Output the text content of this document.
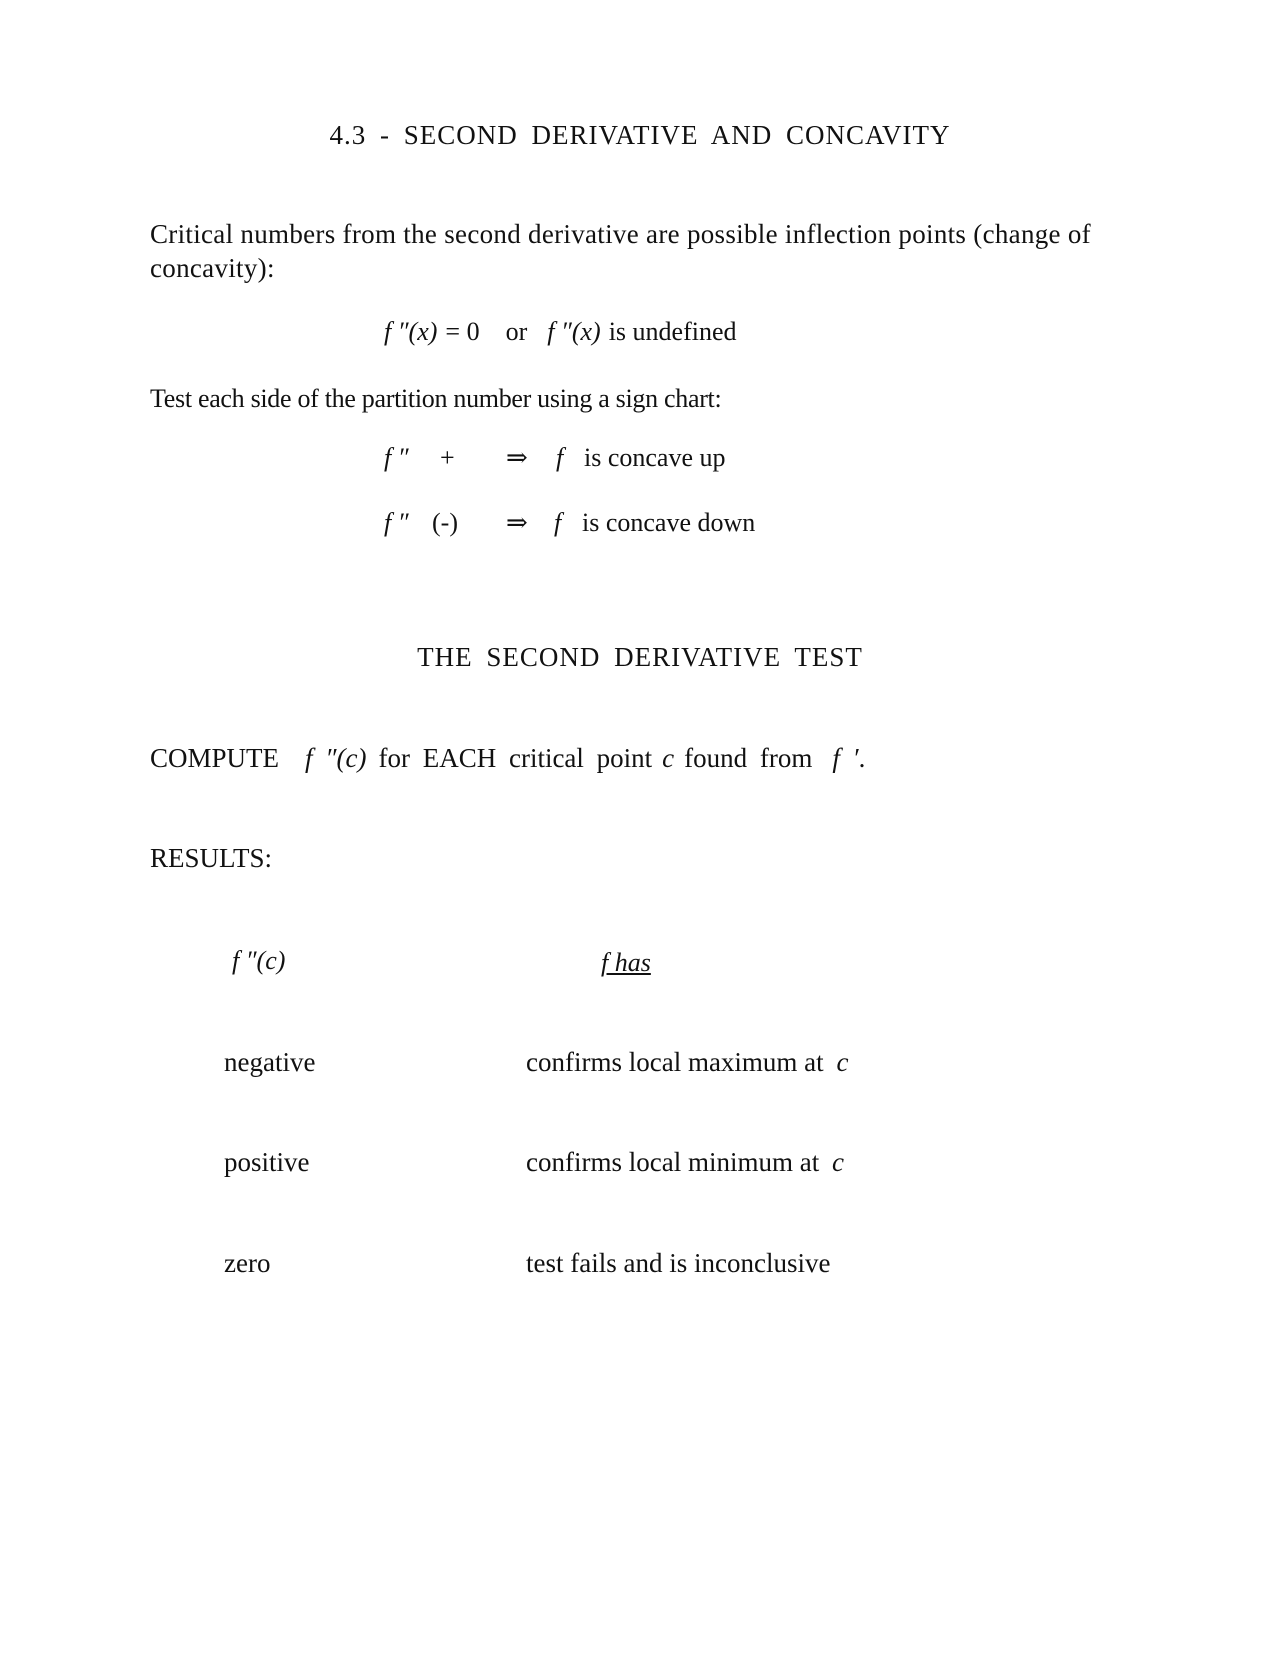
4.3 - SECOND DERIVATIVE AND CONCAVITY
Critical numbers from the second derivative are possible inflection points (change of concavity):
f ″(x) = 0 or f ″(x) is undefined
Test each side of the partition number using a sign chart:
f ″ + ⇒ f is concave up
f ″ (-) ⇒ f is concave down
THE SECOND DERIVATIVE TEST
COMPUTE f ″(c) for EACH critical point c found from f ′.
RESULTS:
f ″(c)	f has
negative	confirms local maximum at c
positive	confirms local minimum at c
zero	test fails and is inconclusive
